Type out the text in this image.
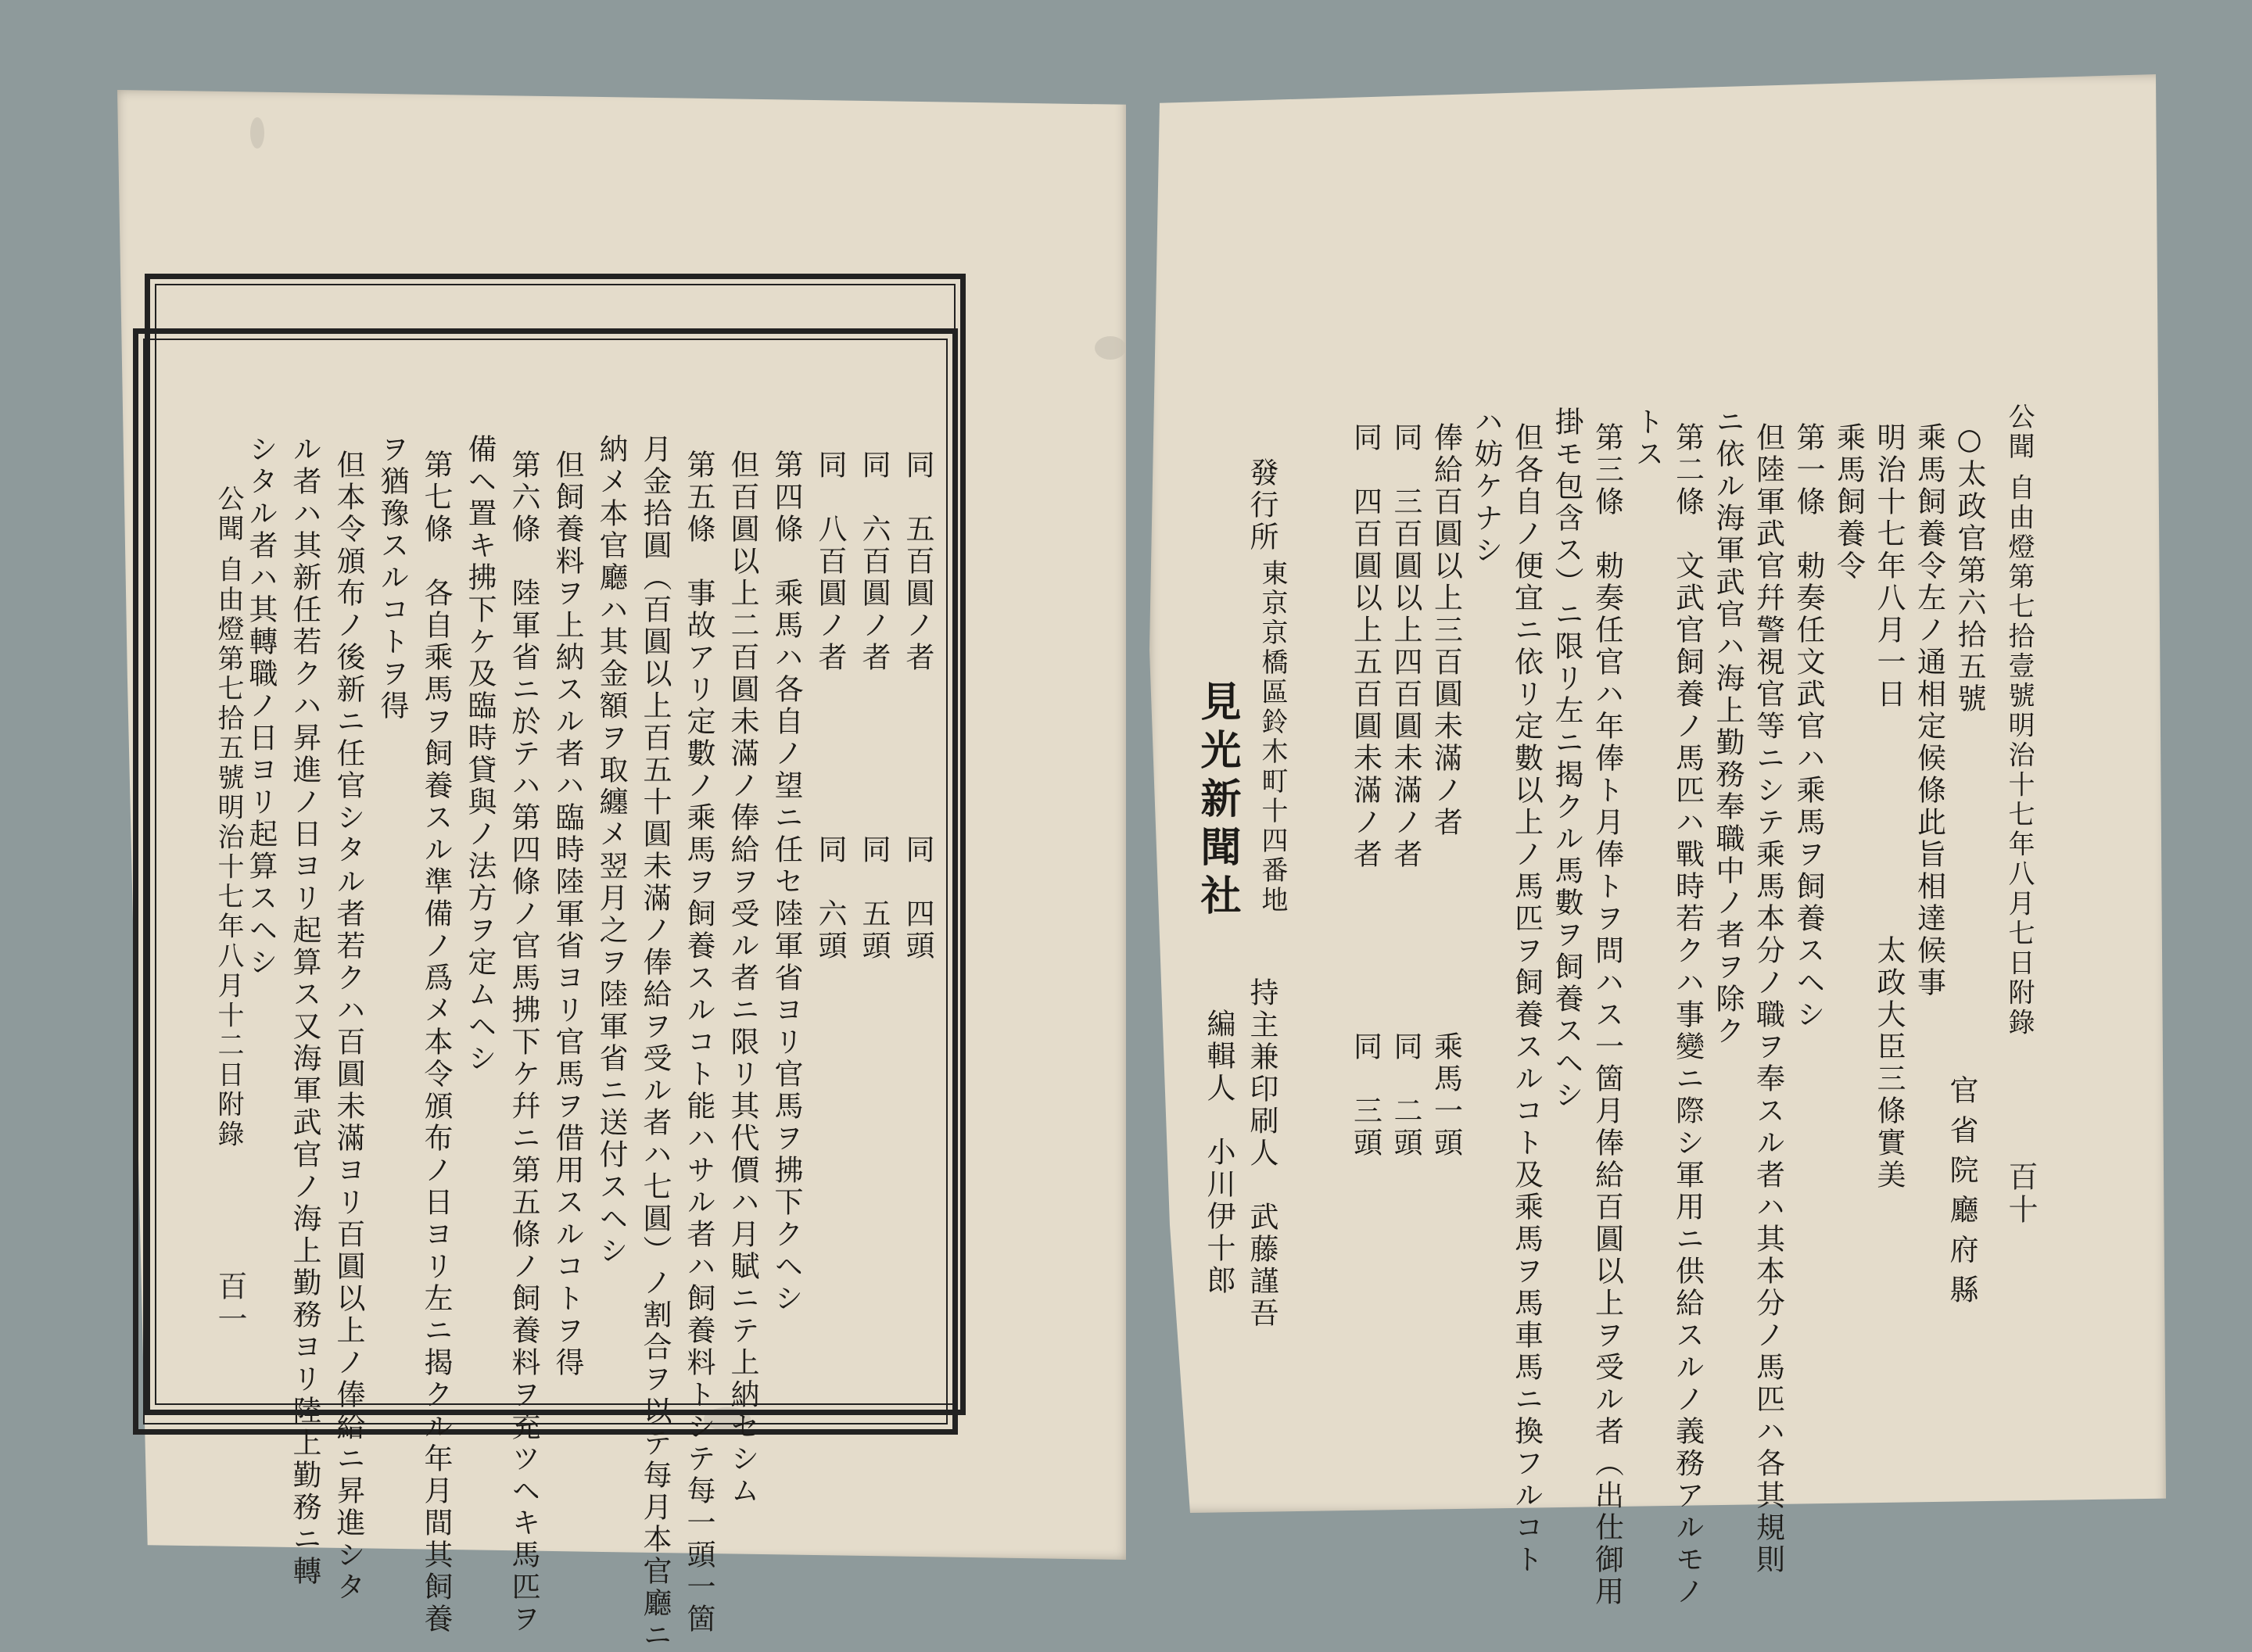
公聞 自由燈第七拾五號明治十七年八月十二日附錄
百一
同　五百圓ノ者　　　　　同　四頭
同　六百圓ノ者　　　　　同　五頭
同　八百圓ノ者　　　　　同　六頭
第四條　乘馬ハ各自ノ望ニ任セ陸軍省ヨリ官馬ヲ拂下クヘシ
但百圓以上二百圓未滿ノ俸給ヲ受ル者ニ限リ其代價ハ月賦ニテ上納セシム
第五條　事故アリ定數ノ乘馬ヲ飼養スルコト能ハサル者ハ飼養料トシテ每一頭一箇
月金拾圓（百圓以上百五十圓未滿ノ俸給ヲ受ル者ハ七圓）ノ割合ヲ以テ每月本官廳ニ
納メ本官廳ハ其金額ヲ取纏メ翌月之ヲ陸軍省ニ送付スヘシ
但飼養料ヲ上納スル者ハ臨時陸軍省ヨリ官馬ヲ借用スルコトヲ得
第六條　陸軍省ニ於テハ第四條ノ官馬拂下ケ幷ニ第五條ノ飼養料ヲ充ツヘキ馬匹ヲ
備ヘ置キ拂下ケ及臨時貸與ノ法方ヲ定ムヘシ
第七條　各自乘馬ヲ飼養スル準備ノ爲メ本令頒布ノ日ヨリ左ニ揭クル年月間其飼養
ヲ猶豫スルコトヲ得
但本令頒布ノ後新ニ任官シタル者若クハ百圓未滿ヨリ百圓以上ノ俸給ニ昇進シタ
ル者ハ其新任若クハ昇進ノ日ヨリ起算ス又海軍武官ノ海上勤務ヨリ陸上勤務ニ轉
シタル者ハ其轉職ノ日ヨリ起算スヘシ	公聞 自由燈第七拾壹號明治十七年八月七日附錄
百十
官省院廳府縣
○太政官第六拾五號
乘馬飼養令左ノ通相定候條此旨相達候事
明治十七年八月一日　　　　　　　太政大臣三條實美
乘馬飼養令
第一條　勅奏任文武官ハ乘馬ヲ飼養スヘシ
但陸軍武官幷警視官等ニシテ乘馬本分ノ職ヲ奉スル者ハ其本分ノ馬匹ハ各其規則
ニ依ル海軍武官ハ海上勤務奉職中ノ者ヲ除ク
第二條　文武官飼養ノ馬匹ハ戰時若クハ事變ニ際シ軍用ニ供給スルノ義務アルモノ
トス
第三條　勅奏任官ハ年俸ト月俸トヲ問ハス一箇月俸給百圓以上ヲ受ル者（出仕御用
掛モ包含ス）ニ限リ左ニ揭クル馬數ヲ飼養スヘシ
但各自ノ便宜ニ依リ定數以上ノ馬匹ヲ飼養スルコト及乘馬ヲ馬車馬ニ換フルコト
ハ妨ケナシ
俸給百圓以上三百圓未滿ノ者　　　　　　乘馬一頭
同　三百圓以上四百圓未滿ノ者　　　　　同　二頭
同　四百圓以上五百圓未滿ノ者　　　　　同　三頭
發行所
東京京橋區鈴木町十四番地
見光新聞社
持主兼印刷人　武藤謹吾
編輯人　小川伊十郎
